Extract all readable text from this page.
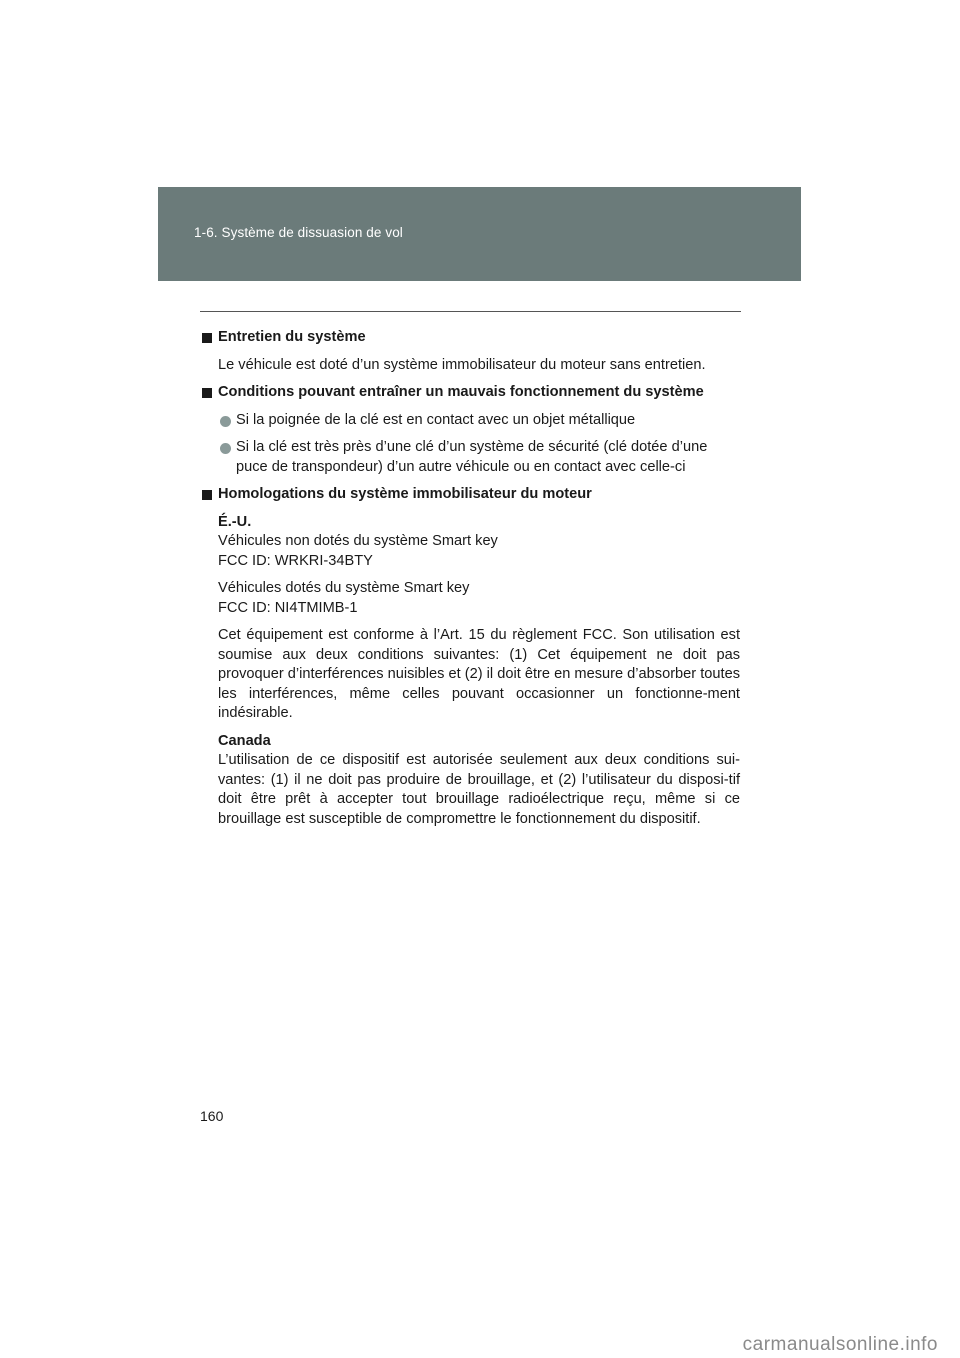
1-6. Système de dissuasion de vol
Entretien du système
Le véhicule est doté d’un système immobilisateur du moteur sans entretien.
Conditions pouvant entraîner un mauvais fonctionnement du système
Si la poignée de la clé est en contact avec un objet métallique
Si la clé est très près d’une clé d’un système de sécurité (clé dotée d’une puce de transpondeur) d’un autre véhicule ou en contact avec celle-ci
Homologations du système immobilisateur du moteur
É.-U.
Véhicules non dotés du système Smart key
FCC ID: WRKRI-34BTY
Véhicules dotés du système Smart key
FCC ID: NI4TMIMB-1
Cet équipement est conforme à l’Art. 15 du règlement FCC. Son utilisation est soumise aux deux conditions suivantes: (1) Cet équipement ne doit pas provoquer d’interférences nuisibles et (2) il doit être en mesure d’absorber toutes les interférences, même celles pouvant occasionner un fonctionne-ment indésirable.
Canada
L’utilisation de ce dispositif est autorisée seulement aux deux conditions sui-vantes: (1) il ne doit pas produire de brouillage, et (2) l’utilisateur du disposi-tif doit être prêt à accepter tout brouillage radioélectrique reçu, même si ce brouillage est susceptible de compromettre le fonctionnement du dispositif.
160
carmanualsonline.info
